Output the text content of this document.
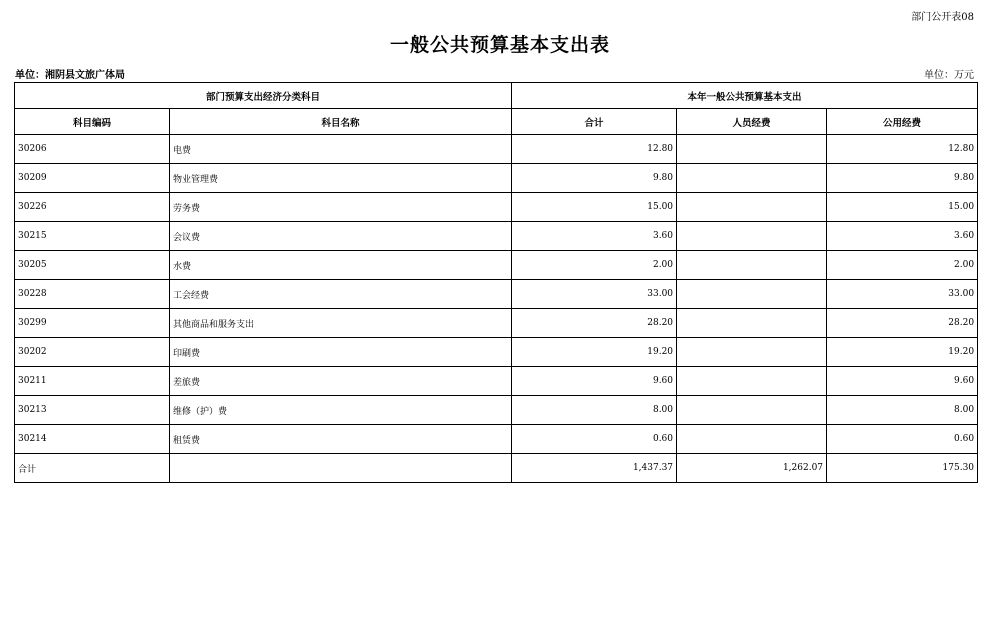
部门公开表08
一般公共预算基本支出表
单位：湘阴县文旅广体局	单位：万元
部门预算支出经济分类科目		本年一般公共预算基本支出		
科目编码	科目名称	合计	人员经费	公用经费
30206	电费	12.80		12.80
30209	物业管理费	9.80		9.80
30226	劳务费	15.00		15.00
30215	会议费	3.60		3.60
30205	水费	2.00		2.00
30228	工会经费	33.00		33.00
30299	其他商品和服务支出	28.20		28.20
30202	印刷费	19.20		19.20
30211	差旅费	9.60		9.60
30213	维修（护）费	8.00		8.00
30214	租赁费	0.60		0.60
合计		1,437.37	1,262.07	175.30
